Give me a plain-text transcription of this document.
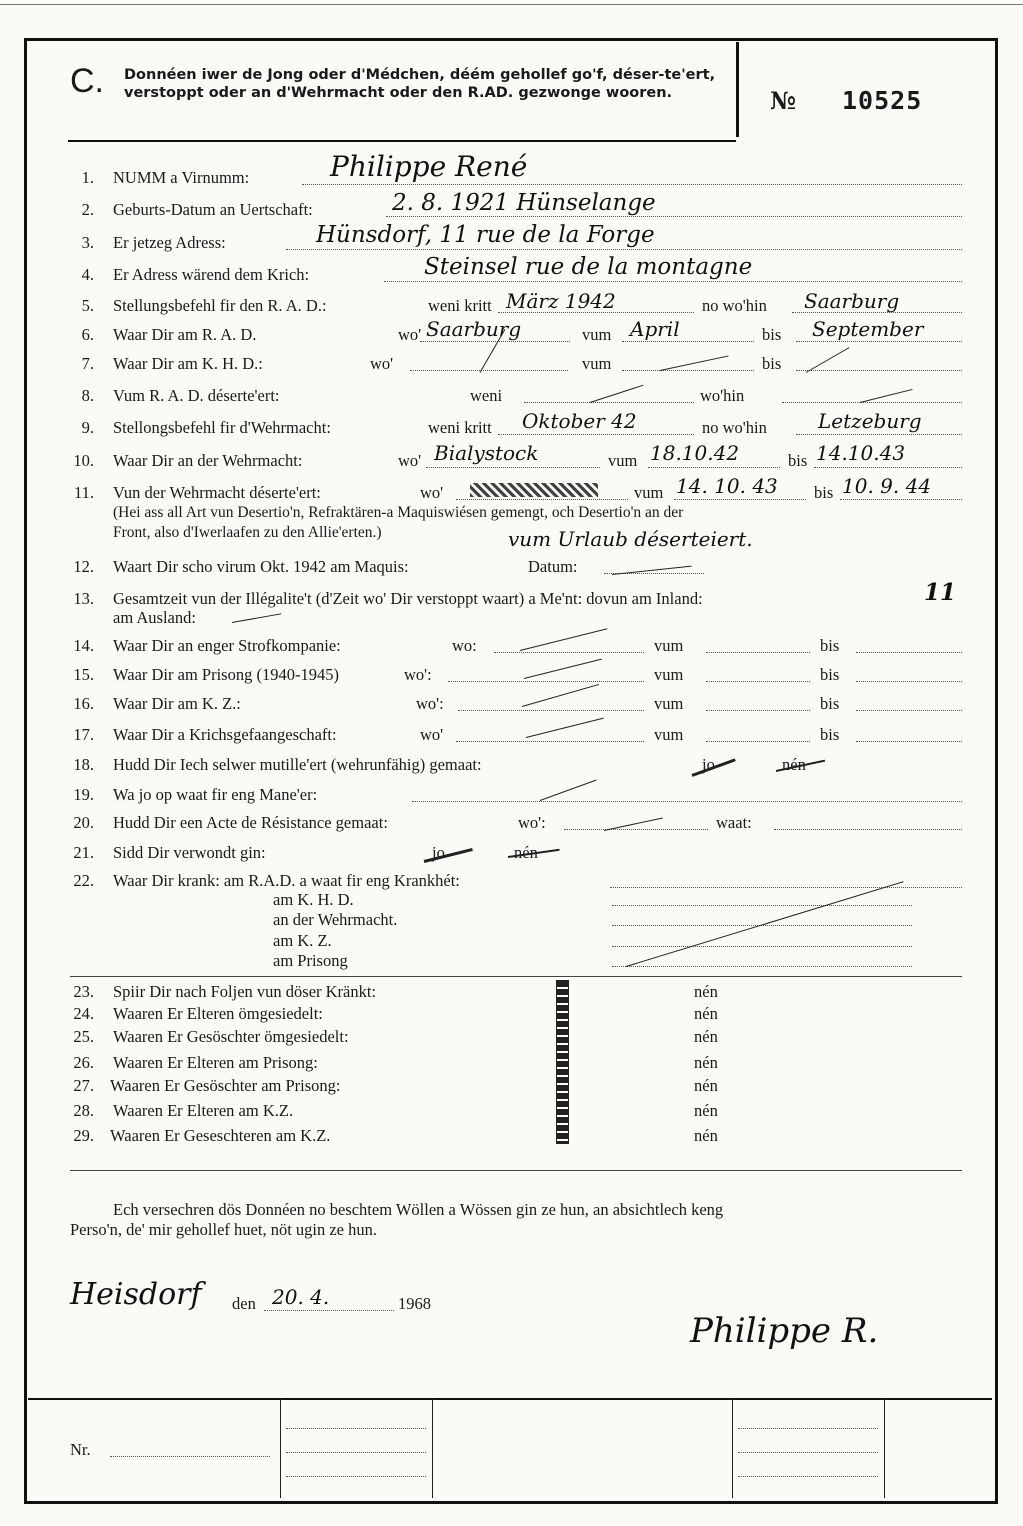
C. Donnéen iwer de Jong oder d'Médchen, déém gehollef go'f, déser-te'ert, verstoppt oder an d'Wehrmacht oder den R.AD. gezwonge wooren.	№ 10525
1. NUMM a Virnumm:	Philippe René
2. Geburts-Datum an Uertschaft:	2. 8. 1921 Hünselange
3. Er jetzeg Adress:	Hünsdorf, 11 rue de la Forge
4. Er Adress wärend dem Krich:	Steinsel rue de la montagne
5. Stellungsbefehl fir den R. A. D.:	weni kritt März 1942	no wo'hin Saarburg
6. Waar Dir am R. A. D.	wo' Saarburg	vum April	bis September
7. Waar Dir am K. H. D.:	wo'	vum	bis
8. Vum R. A. D. déserte'ert:	weni	wo'hin
9. Stellongsbefehl fir d'Wehrmacht:	weni kritt Oktober 42	no wo'hin	Letzeburg
10. Waar Dir an der Wehrmacht:	wo' Bialystock	vum 18.10.42	bis 14.10.43
11. Vun der Wehrmacht déserte'ert:	wo'	vum 14. 10. 43 bis 10. 9. 44
(Hei ass all Art vun Desertio'n, Refraktären-a Maquiswiésen gemengt, och Desertio'n an der
Front, also d'Iwerlaafen zu den Allie'erten.)	vum Urlaub déserteiert.
12. Waart Dir scho virum Okt. 1942 am Maquis:	Datum:
13. Gesamtzeit vun der Illégalite't (d'Zeit wo' Dir verstoppt waart) a Me'nt: dovun am Inland:	11
am Ausland:
14. Waar Dir an enger Strofkompanie:	wo:	vum	bis
15. Waar Dir am Prisong (1940-1945)	wo':	vum	bis
16. Waar Dir am K. Z.:	wo':	vum	bis
17. Waar Dir a Krichsgefaangeschaft:	wo'	vum	bis
18. Hudd Dir Iech selwer mutille'ert (wehrunfähig) gemaat:	jo	nén
19. Wa jo op waat fir eng Mane'er:
20. Hudd Dir een Acte de Résistance gemaat:	wo':	waat:
21. Sidd Dir verwondt gin:	jo	nén
22. Waar Dir krank: am R.A.D. a waat fir eng Krankhét:
am K. H. D.
an der Wehrmacht.
am K. Z.
am Prisong
23. Spiir Dir nach Foljen vun döser Kränkt:	nén
24. Waaren Er Elteren ömgesiedelt:	nén
25. Waaren Er Gesöschter ömgesiedelt:	nén
26. Waaren Er Elteren am Prisong:	nén
27. Waaren Er Gesöschter am Prisong:	nén
28. Waaren Er Elteren am K.Z.	nén
29. Waaren Er Geseschteren am K.Z.	nén
Ech versechren dös Donnéen no beschtem Wöllen a Wössen gin ze hun, an absichtlech keng
Perso'n, de' mir gehollef huet, nöt ugin ze hun.
Heisdorf den 20. 4.	1968
Philippe R.
Nr.
